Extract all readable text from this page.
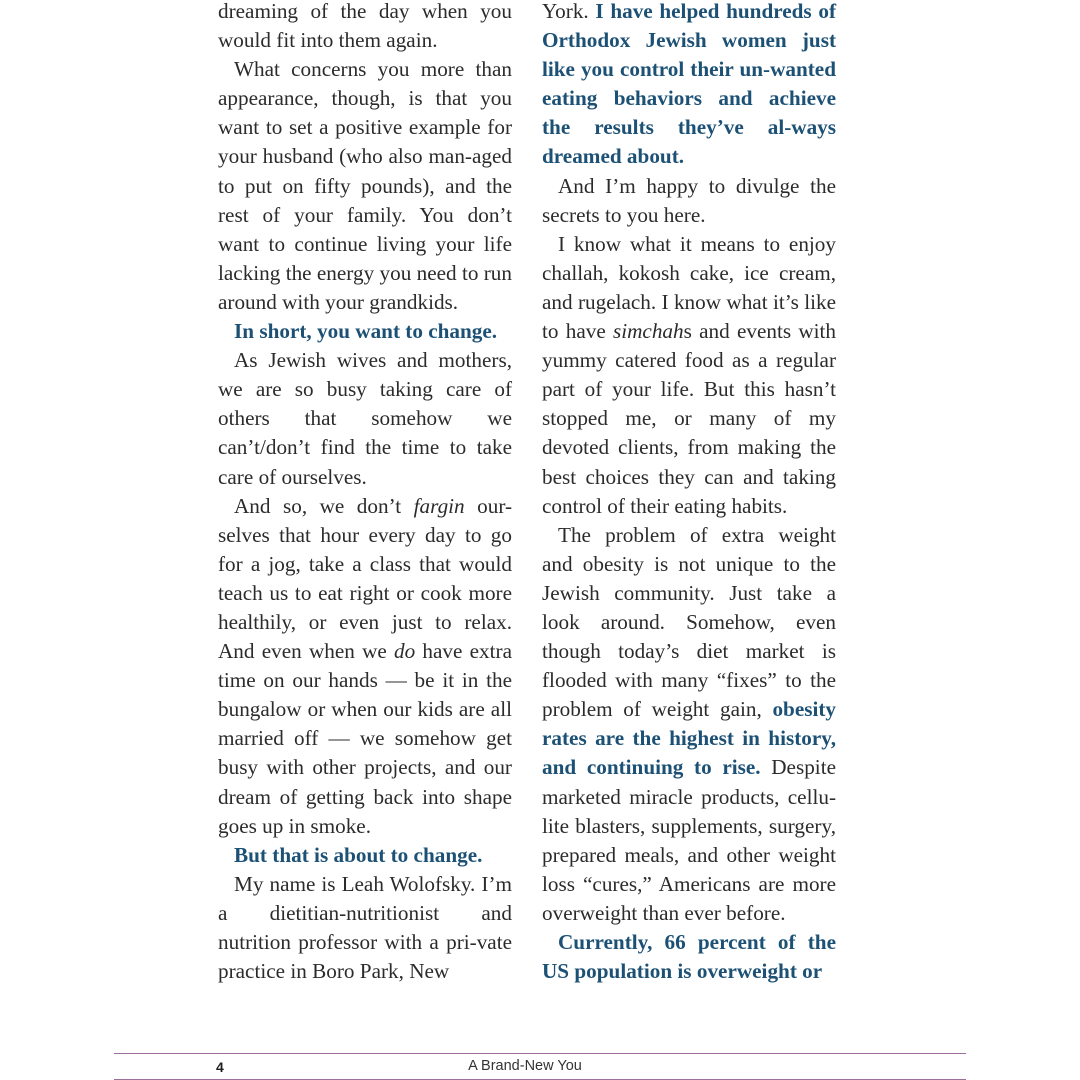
dreaming of the day when you would fit into them again.

What concerns you more than appearance, though, is that you want to set a positive example for your husband (who also man-aged to put on fifty pounds), and the rest of your family. You don’t want to continue living your life lacking the energy you need to run around with your grandkids.

In short, you want to change.

As Jewish wives and mothers, we are so busy taking care of others that somehow we can’t/don’t find the time to take care of ourselves.

And so, we don’t fargin our-selves that hour every day to go for a jog, take a class that would teach us to eat right or cook more healthily, or even just to relax. And even when we do have extra time on our hands — be it in the bungalow or when our kids are all married off — we somehow get busy with other projects, and our dream of getting back into shape goes up in smoke.

But that is about to change.

My name is Leah Wolofsky. I’m a dietitian-nutritionist and nutrition professor with a pri-vate practice in Boro Park, New

York. I have helped hundreds of Orthodox Jewish women just like you control their un-wanted eating behaviors and achieve the results they’ve al-ways dreamed about.

And I’m happy to divulge the secrets to you here.

I know what it means to enjoy challah, kokosh cake, ice cream, and rugelach. I know what it’s like to have simchahs and events with yummy catered food as a regular part of your life. But this hasn’t stopped me, or many of my devoted clients, from making the best choices they can and taking control of their eating habits.

The problem of extra weight and obesity is not unique to the Jewish community. Just take a look around. Somehow, even though today’s diet market is flooded with many “fixes” to the problem of weight gain, obesity rates are the highest in history, and continuing to rise. Despite marketed miracle products, cellu-lite blasters, supplements, surgery, prepared meals, and other weight loss “cures,” Americans are more overweight than ever before.

Currently, 66 percent of the US population is overweight or

4	A Brand-New You
